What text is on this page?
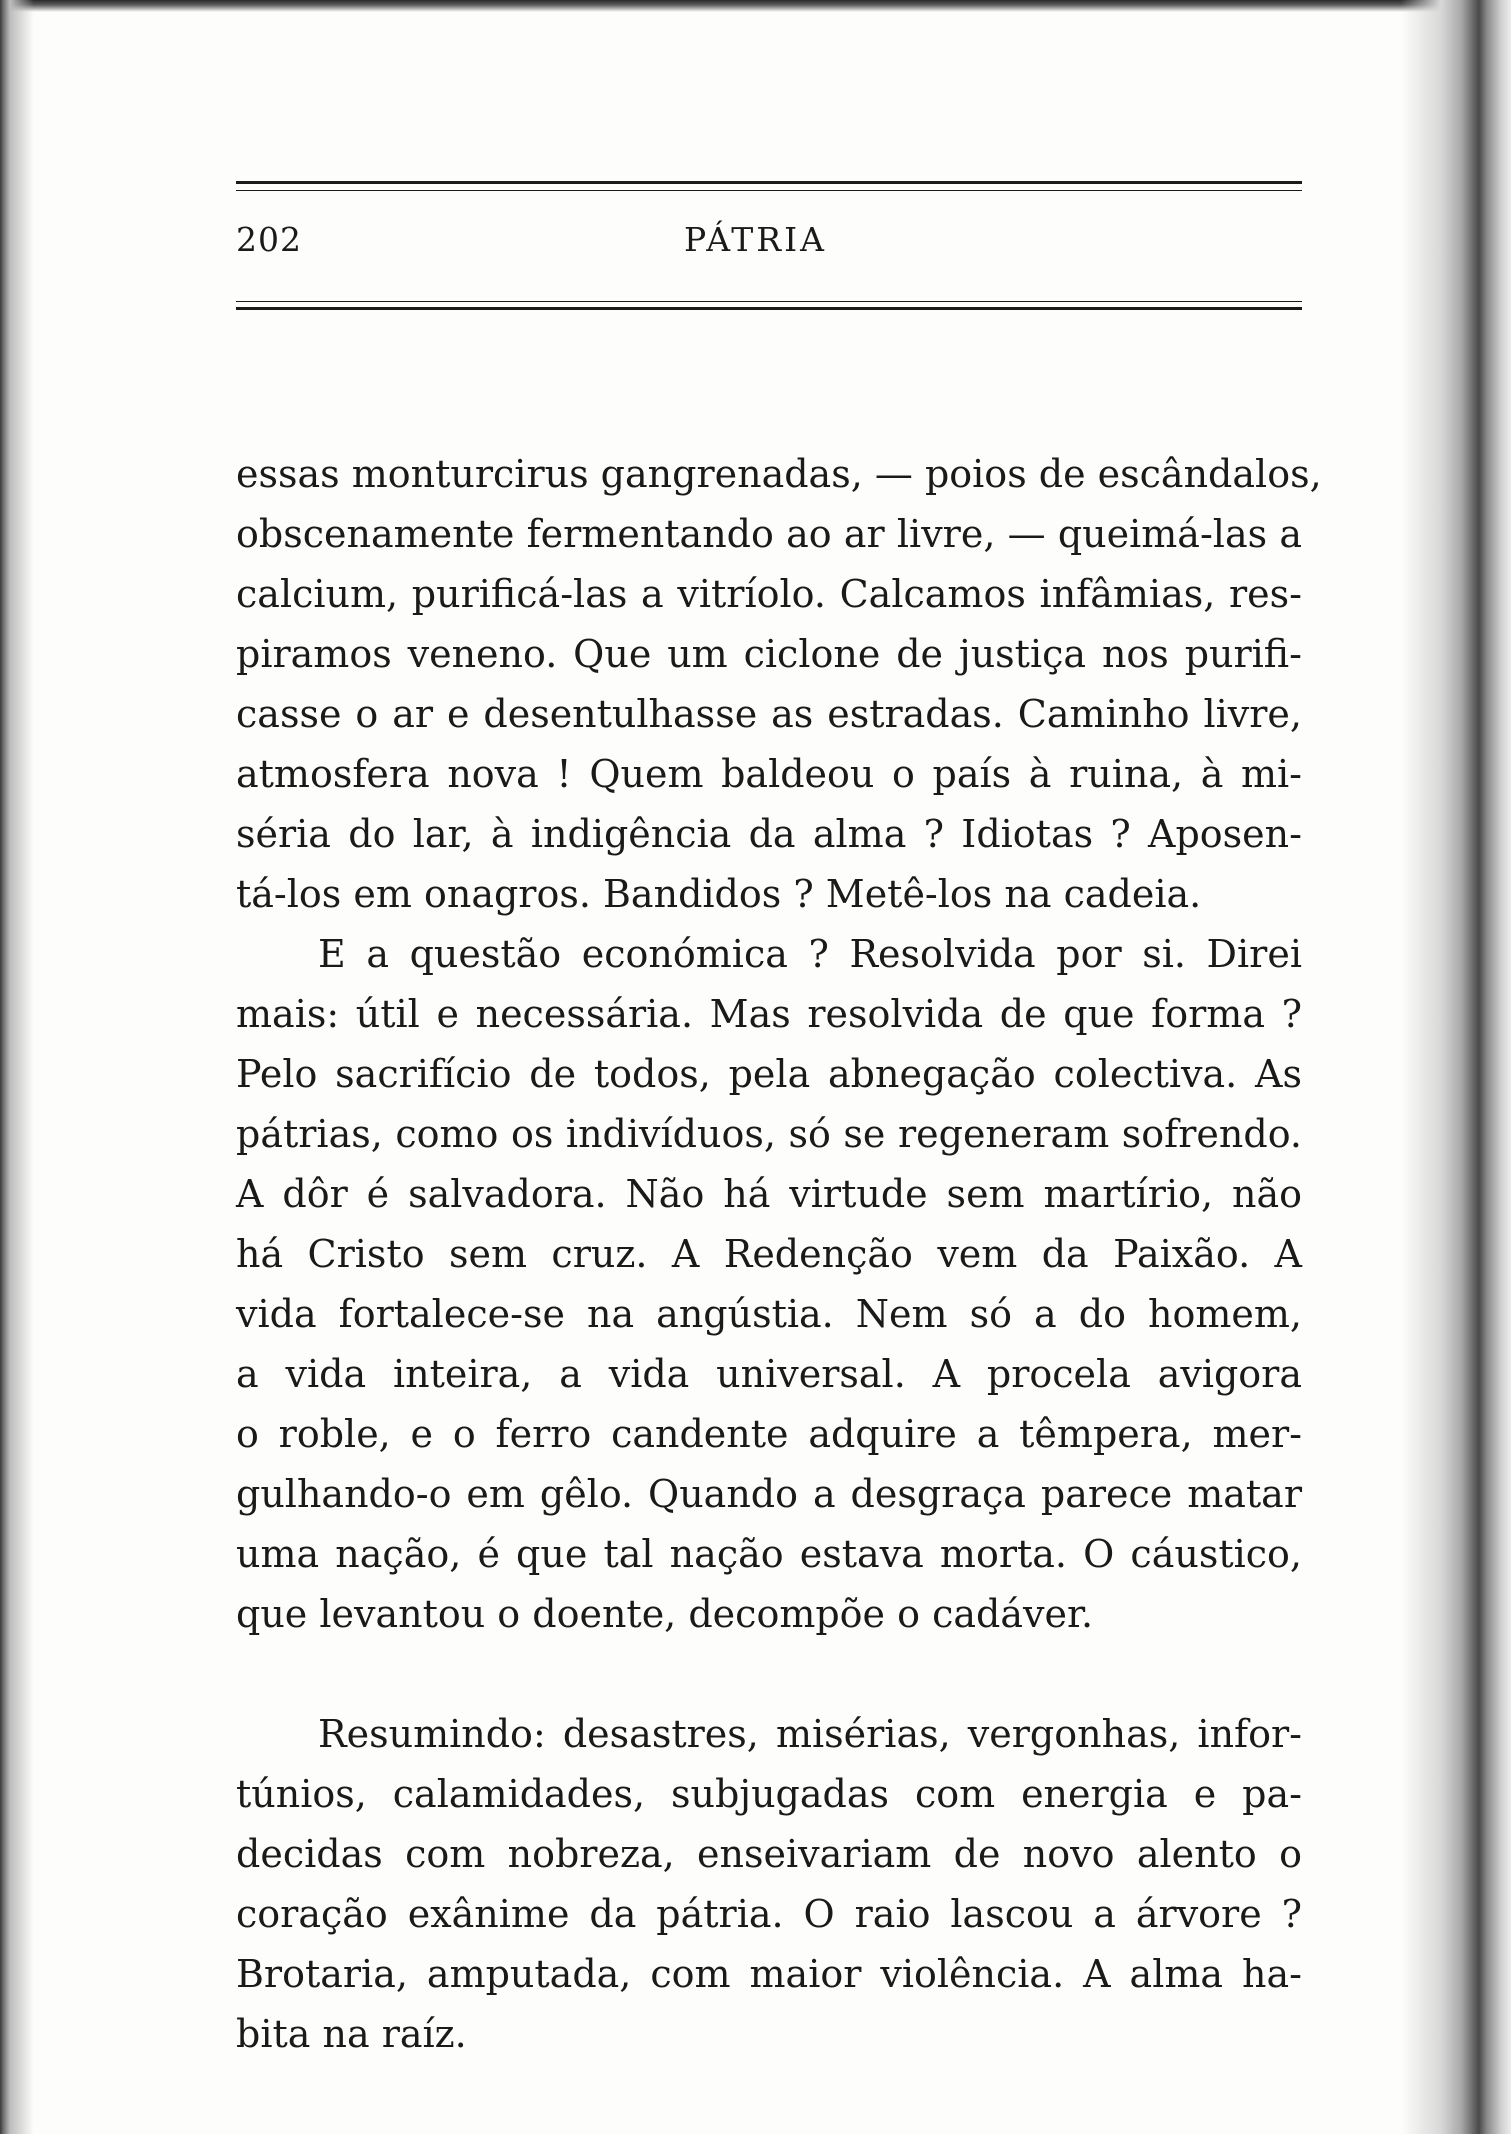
202	PÁTRIA
essas monturcirus gangrenadas, — poios de escândalos,
obscenamente fermentando ao ar livre, — queimá-las a
calcium, purificá-las a vitríolo. Calcamos infâmias, res-
piramos veneno. Que um ciclone de justiça nos purifi-
casse o ar e desentulhasse as estradas. Caminho livre,
atmosfera nova ! Quem baldeou o país à ruina, à mi-
séria do lar, à indigência da alma ? Idiotas ? Aposen-
tá-los em onagros. Bandidos ? Metê-los na cadeia.
E a questão económica ? Resolvida por si. Direi
mais: útil e necessária. Mas resolvida de que forma ?
Pelo sacrifício de todos, pela abnegação colectiva. As
pátrias, como os indivíduos, só se regeneram sofrendo.
A dôr é salvadora. Não há virtude sem martírio, não
há Cristo sem cruz. A Redenção vem da Paixão. A
vida fortalece-se na angústia. Nem só a do homem,
a vida inteira, a vida universal. A procela avigora
o roble, e o ferro candente adquire a têmpera, mer-
gulhando-o em gêlo. Quando a desgraça parece matar
uma nação, é que tal nação estava morta. O cáustico,
que levantou o doente, decompõe o cadáver.
Resumindo: desastres, misérias, vergonhas, infor-
túnios, calamidades, subjugadas com energia e pa-
decidas com nobreza, enseivariam de novo alento o
coração exânime da pátria. O raio lascou a árvore ?
Brotaria, amputada, com maior violência. A alma ha-
bita na raíz.
